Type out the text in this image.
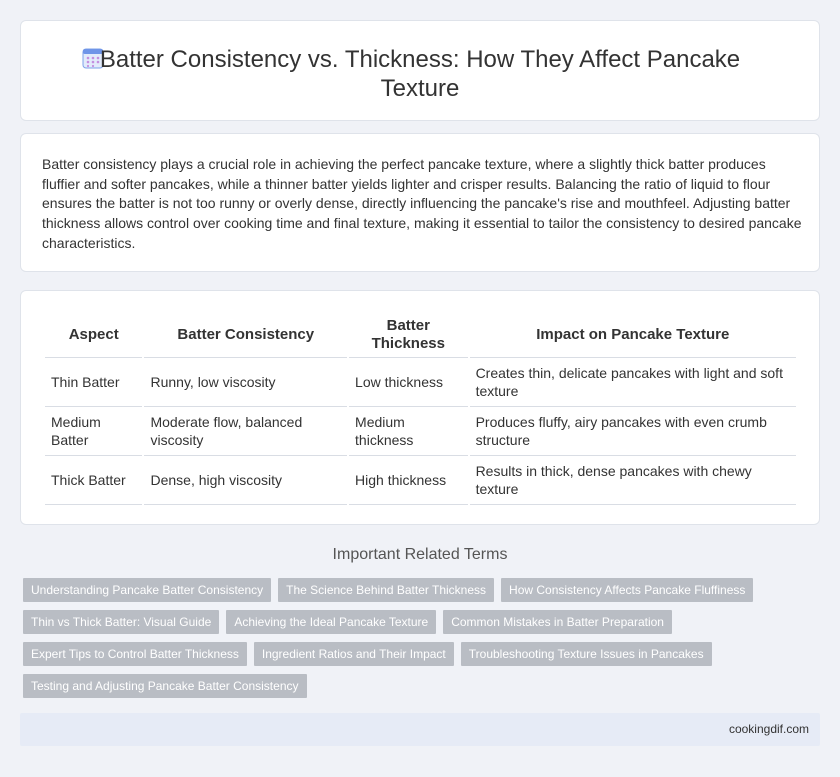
Batter Consistency vs. Thickness: How They Affect Pancake Texture

Batter consistency plays a crucial role in achieving the perfect pancake texture, where a slightly thick batter produces fluffier and softer pancakes, while a thinner batter yields lighter and crisper results. Balancing the ratio of liquid to flour ensures the batter is not too runny or overly dense, directly influencing the pancake's rise and mouthfeel. Adjusting batter thickness allows control over cooking time and final texture, making it essential to tailor the consistency to desired pancake characteristics.

Aspect	Batter Consistency	Batter Thickness	Impact on Pancake Texture
Thin Batter	Runny, low viscosity	Low thickness	Creates thin, delicate pancakes with light and soft texture
Medium Batter	Moderate flow, balanced viscosity	Medium thickness	Produces fluffy, airy pancakes with even crumb structure
Thick Batter	Dense, high viscosity	High thickness	Results in thick, dense pancakes with chewy texture
Important Related Terms
Understanding Pancake Batter Consistency The Science Behind Batter Thickness How Consistency Affects Pancake Fluffiness
Thin vs Thick Batter: Visual Guide Achieving the Ideal Pancake Texture Common Mistakes in Batter Preparation
Expert Tips to Control Batter Thickness Ingredient Ratios and Their Impact Troubleshooting Texture Issues in Pancakes
Testing and Adjusting Pancake Batter Consistency
cookingdif.com
